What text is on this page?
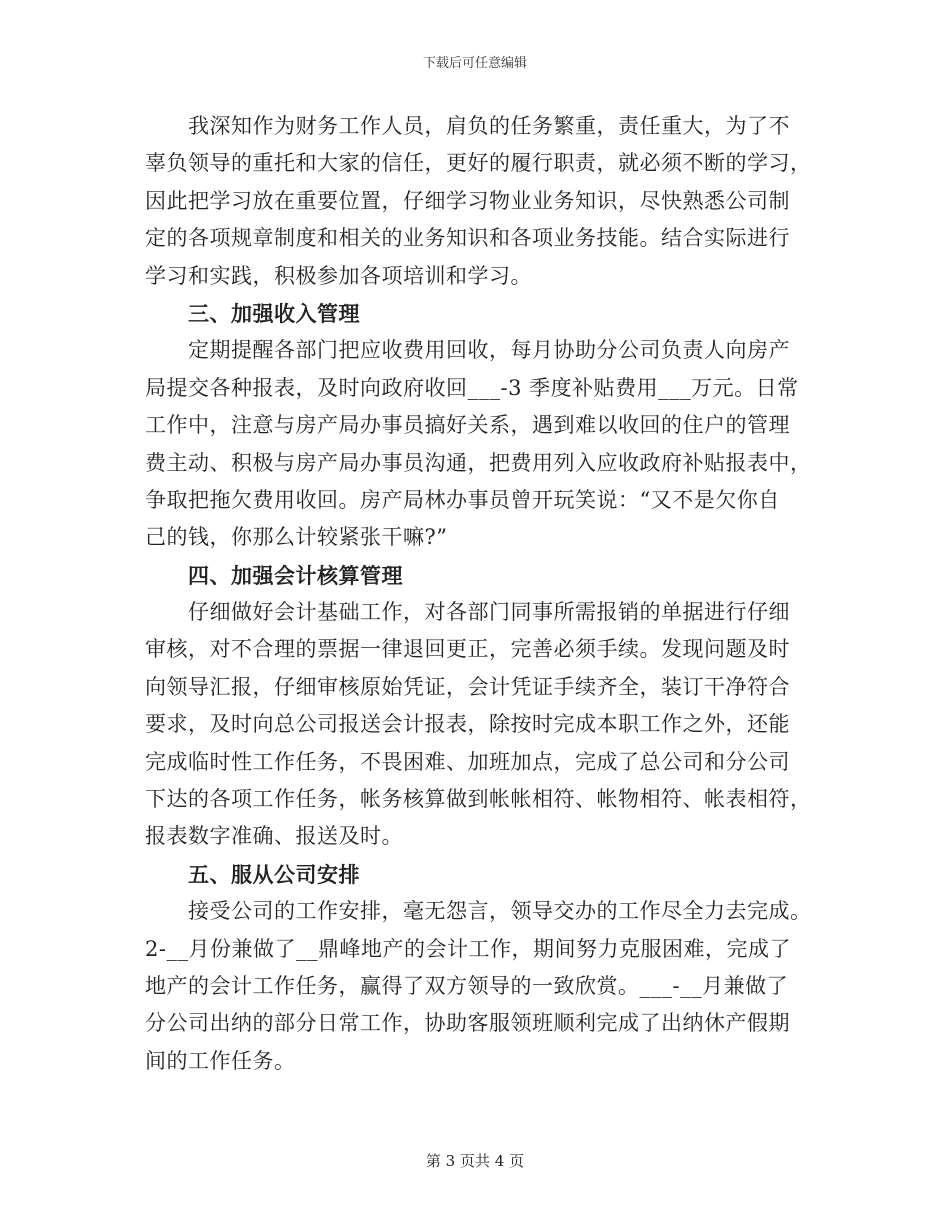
下载后可任意编辑
我深知作为财务工作人员，肩负的任务繁重，责任重大，为了不
辜负领导的重托和大家的信任，更好的履行职责，就必须不断的学习，
因此把学习放在重要位置，仔细学习物业业务知识，尽快熟悉公司制
定的各项规章制度和相关的业务知识和各项业务技能。结合实际进行
学习和实践，积极参加各项培训和学习。
三、加强收入管理
定期提醒各部门把应收费用回收，每月协助分公司负责人向房产
局提交各种报表，及时向政府收回___-3 季度补贴费用___万元。日常
工作中，注意与房产局办事员搞好关系，遇到难以收回的住户的管理
费主动、积极与房产局办事员沟通，把费用列入应收政府补贴报表中，
争取把拖欠费用收回。房产局林办事员曾开玩笑说：“又不是欠你自
己的钱，你那么计较紧张干嘛?”
四、加强会计核算管理
仔细做好会计基础工作，对各部门同事所需报销的单据进行仔细
审核，对不合理的票据一律退回更正，完善必须手续。发现问题及时
向领导汇报，仔细审核原始凭证，会计凭证手续齐全，装订干净符合
要求，及时向总公司报送会计报表，除按时完成本职工作之外，还能
完成临时性工作任务，不畏困难、加班加点，完成了总公司和分公司
下达的各项工作任务，帐务核算做到帐帐相符、帐物相符、帐表相符，
报表数字准确、报送及时。
五、服从公司安排
接受公司的工作安排，毫无怨言，领导交办的工作尽全力去完成。
2-__月份兼做了__鼎峰地产的会计工作，期间努力克服困难，完成了
地产的会计工作任务，赢得了双方领导的一致欣赏。___-__月兼做了
分公司出纳的部分日常工作，协助客服领班顺利完成了出纳休产假期
间的工作任务。
第 3 页共 4 页
